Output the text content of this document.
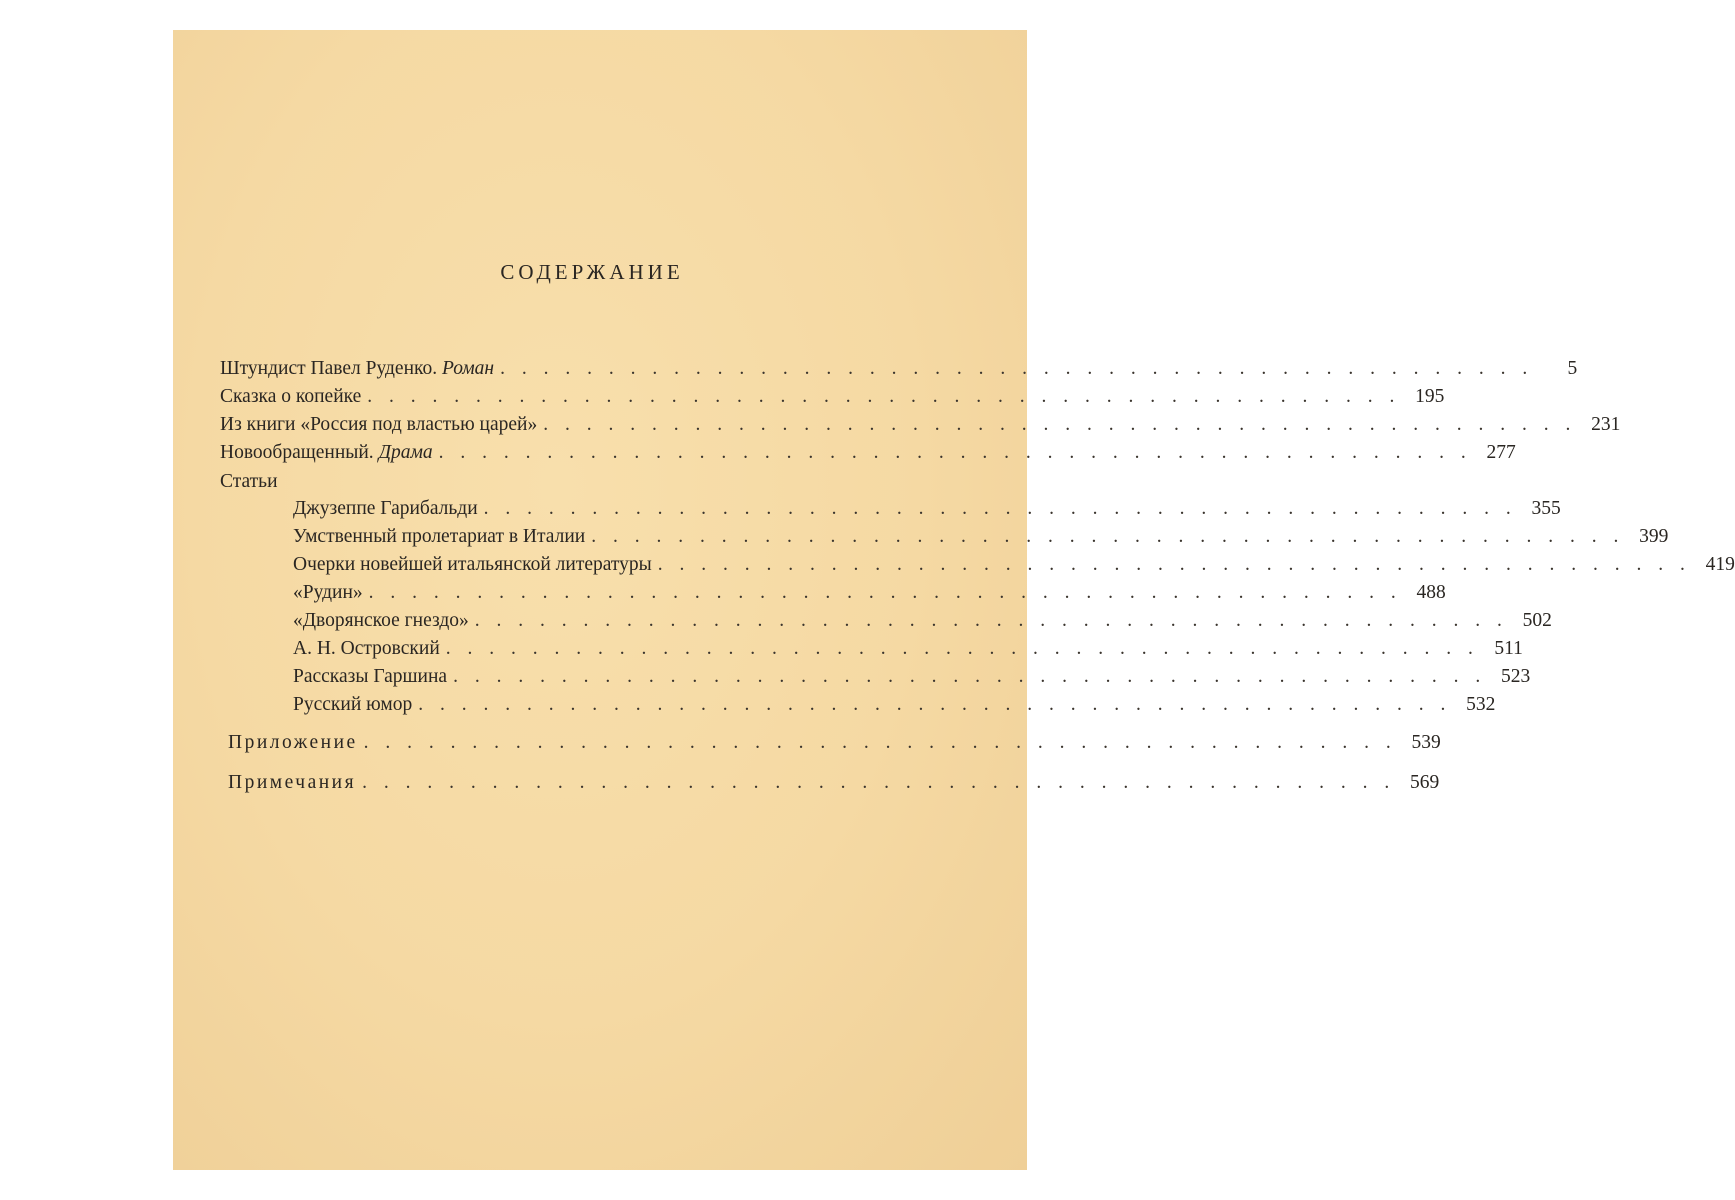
СОДЕРЖАНИЕ
Штундист Павел Руденко. Роман . . . . . . . . . . . . . . . . . . . . . . . . . . . . . . . . . . . . . . . . . . . . . . . .	5
Сказка о копейке . . . . . . . . . . . . . . . . . . . . . . . . . . . . . . . . . . . . . . . . . . . . . . . . 195
Из книги «Россия под властью царей» . . . . . . . . . . . . . . . . . . . . . . . . . . . . . . . . . . . . . . . . . . . . . . . . 231
Новообращенный. Драма . . . . . . . . . . . . . . . . . . . . . . . . . . . . . . . . . . . . . . . . . . . . . . . . 277
Статьи
Джузеппе Гарибальди . . . . . . . . . . . . . . . . . . . . . . . . . . . . . . . . . . . . . . . . . . . . . . . . 355
Умственный пролетариат в Италии . . . . . . . . . . . . . . . . . . . . . . . . . . . . . . . . . . . . . . . . . . . . . . . . 399
Очерки новейшей итальянской литературы . . . . . . . . . . . . . . . . . . . . . . . . . . . . . . . . . . . . . . . . . . . . . . . . 419
«Рудин» . . . . . . . . . . . . . . . . . . . . . . . . . . . . . . . . . . . . . . . . . . . . . . . . 488
«Дворянское гнездо» . . . . . . . . . . . . . . . . . . . . . . . . . . . . . . . . . . . . . . . . . . . . . . . . 502
А. Н. Островский . . . . . . . . . . . . . . . . . . . . . . . . . . . . . . . . . . . . . . . . . . . . . . . . 511
Рассказы Гаршина . . . . . . . . . . . . . . . . . . . . . . . . . . . . . . . . . . . . . . . . . . . . . . . . 523
Русский юмор . . . . . . . . . . . . . . . . . . . . . . . . . . . . . . . . . . . . . . . . . . . . . . . . 532
Приложение . . . . . . . . . . . . . . . . . . . . . . . . . . . . . . . . . . . . . . . . . . . . . . . . 539
Примечания . . . . . . . . . . . . . . . . . . . . . . . . . . . . . . . . . . . . . . . . . . . . . . . . 569
